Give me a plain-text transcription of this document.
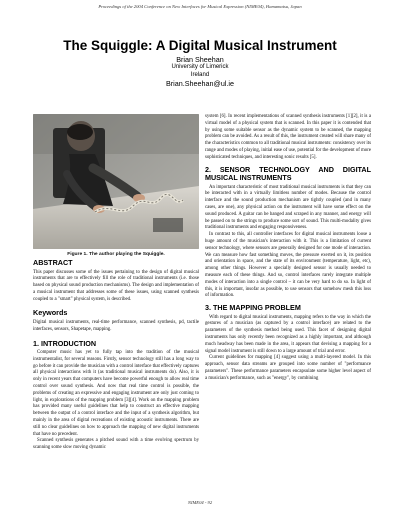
Proceedings of the 2004 Conference on New Interfaces for Musical Expression (NIME04), Hamamatsu, Japan
The Squiggle: A Digital Musical Instrument
Brian Sheehan
University of Limerick
Ireland
Brian.Sheehan@ul.ie
Figure 1. The author playing the Squiggle.
ABSTRACT

This paper discusses some of the issues pertaining to the design of digital musical instruments that are to effectively fill the role of traditional instruments (i.e. those based on physical sound production mechanisms). The design and implementation of a musical instrument that addresses some of these issues, using scanned synthesis coupled to a "smart" physical system, is described.

Keywords

Digital musical instruments, real-time performance, scanned synthesis, pd, tactile interfaces, sensors, Shapetape, mapping.

1. INTRODUCTION

Computer music has yet to fully tap into the tradition of the musical instrumentalist, for several reasons. Firstly, sensor technology still has a long way to go before it can provide the musician with a control interface that effectively captures all physical interactions with it (as traditional musical instruments do). Also, it is only in recent years that computers have become powerful enough to allow real time control over sound synthesis. And now that real time control is possible, the problems of creating an expressive and engaging instrument are only just coming to light, in explorations of the mapping problem [3][4]. Work on the mapping problem has provided many useful guidelines that help to construct an effective mapping between the output of a control interface and the input of a synthesis algorithm, but mainly in the area of digital recreations of existing acoustic instruments. There are still no clear guidelines on how to approach the mapping of new digital instruments that have no precedent.

Scanned synthesis generates a pitched sound with a time evolving spectrum by scanning some slow moving dynamic

system [6]. In recent implementations of scanned synthesis instruments [1][2], it is a virtual model of a physical system that is scanned. In this paper it is contended that by using some suitable sensor as the dynamic system to be scanned, the mapping problem can be avoided. As a result of this, the instrument created will share many of the characteristics common to all traditional musical instruments: consistency over its range and modes of playing, initial ease of use, potential for the development of more sophisticated techniques, and interesting sonic results [5].

2. SENSOR TECHNOLOGY AND DIGITAL MUSICAL INSTRUMENTS

An important characteristic of most traditional musical instruments is that they can be interacted with in a virtually limitless number of modes. Because the control interface and the sound production mechanism are tightly coupled (and in many cases, are one), any physical action on the instrument will have some effect on the sound produced. A guitar can be banged and scraped in any manner, and energy will be passed on to the strings to produce some sort of sound. This multi-modality gives traditional instruments and engaging responsiveness.

In contrast to this, all controller interfaces for digital musical instruments loose a huge amount of the musician's interaction with it. This is a limitation of current sensor technology, where sensors are generally designed for one mode of interaction. We can measure how fast something moves, the pressure exerted on it, its position and orientation in space, and the state of its environment (temperature, light, etc), among other things. However a specially designed sensor is usually needed to measure each of these things. And so, control interfaces rarely integrate multiple modes of interaction into a single control – it can be very hard to do so. In light of this, it is important, insofar as possible, to use sensors that somehow mesh this loss of information.

3. THE MAPPING PROBLEM

With regard to digital musical instruments, mapping refers to the way in which the gestures of a musician (as captured by a control interface) are related to the parameters of the synthesis method being used. This facet of designing digital instruments has only recently been recognized as a highly important, and although much headway has been made in the area, it appears that devising a mapping for a signal model instrument is still down to a large amount of trial and error.

Current guidelines for mapping [4] suggest using a multi-layered model. In this approach, sensor data streams are grouped into some number of "performance parameters". These performance parameters encapsulate some higher level aspect of a musician's performance, such as "energy", by combining

NIME04 - 92
